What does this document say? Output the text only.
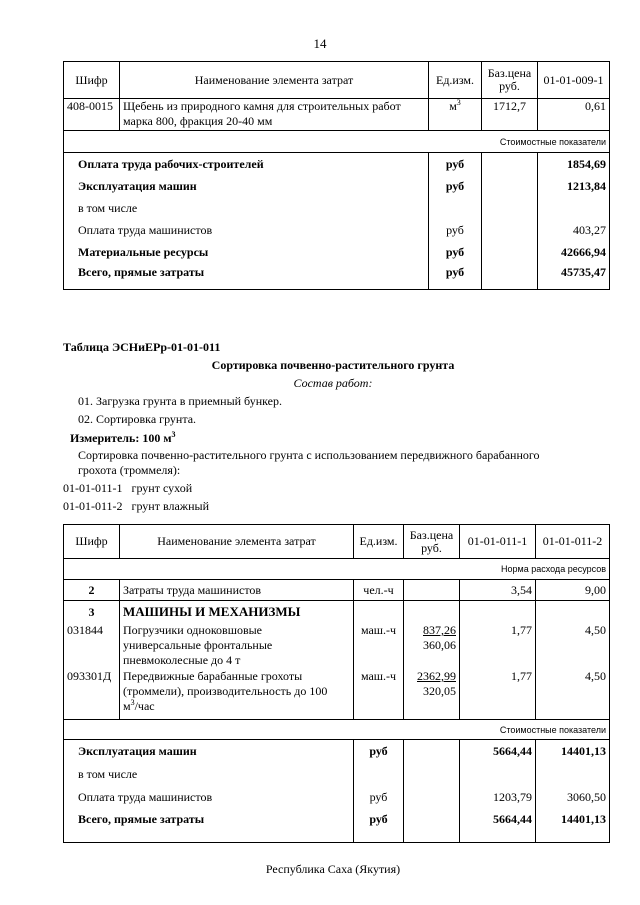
14
Шифр	Наименование элемента затрат	Ед.изм.	Баз.цена руб.	01-01-009-1
408-0015	Щебень из природного камня для строительных работ
марка 800, фракция 20-40 мм	$м^3$	1712,7	0,61
Стоимостные показатели				
Оплата труда рабочих-строителей		руб		1854,69
Эксплуатация машин		руб		1213,84
в том числе				
Оплата труда машинистов		руб		403,27
Материальные ресурсы		руб		42666,94
Всего, прямые затраты		руб		45735,47
Таблица ЭСНиЕРр-01-01-011
Сортировка почвенно-растительного грунта
Состав работ:
01. Загрузка грунта в приемный бункер.
02. Сортировка грунта.
Измеритель: 100 $м^3$
Сортировка почвенно-растительного грунта с использованием передвижного барабанного
грохота (троммеля):
01-01-011-1 грунт сухой
01-01-011-2 грунт влажный
Шифр	Наименование элемента затрат	Ед.изм.	Баз.цена руб.	01-01-011-1	01-01-011-2
Норма расхода ресурсов					
2	Затраты труда машинистов	чел.-ч		3,54	9,00
3	МАШИНЫ И МЕХАНИЗМЫ				
031844	Погрузчики одноковшовые
универсальные фронтальные
пневмоколесные до 4 т	маш.-ч	837,26
360,06	1,77	4,50
093301Д	Передвижные барабанные грохоты
(троммели), производительность до 100
$м^3$/час	маш.-ч	2362,99
320,05	1,77	4,50
Стоимостные показатели					
Эксплуатация машин		руб		5664,44	14401,13
в том числе					
Оплата труда машинистов		руб		1203,79	3060,50
Всего, прямые затраты		руб		5664,44	14401,13
Республика Саха (Якутия)
